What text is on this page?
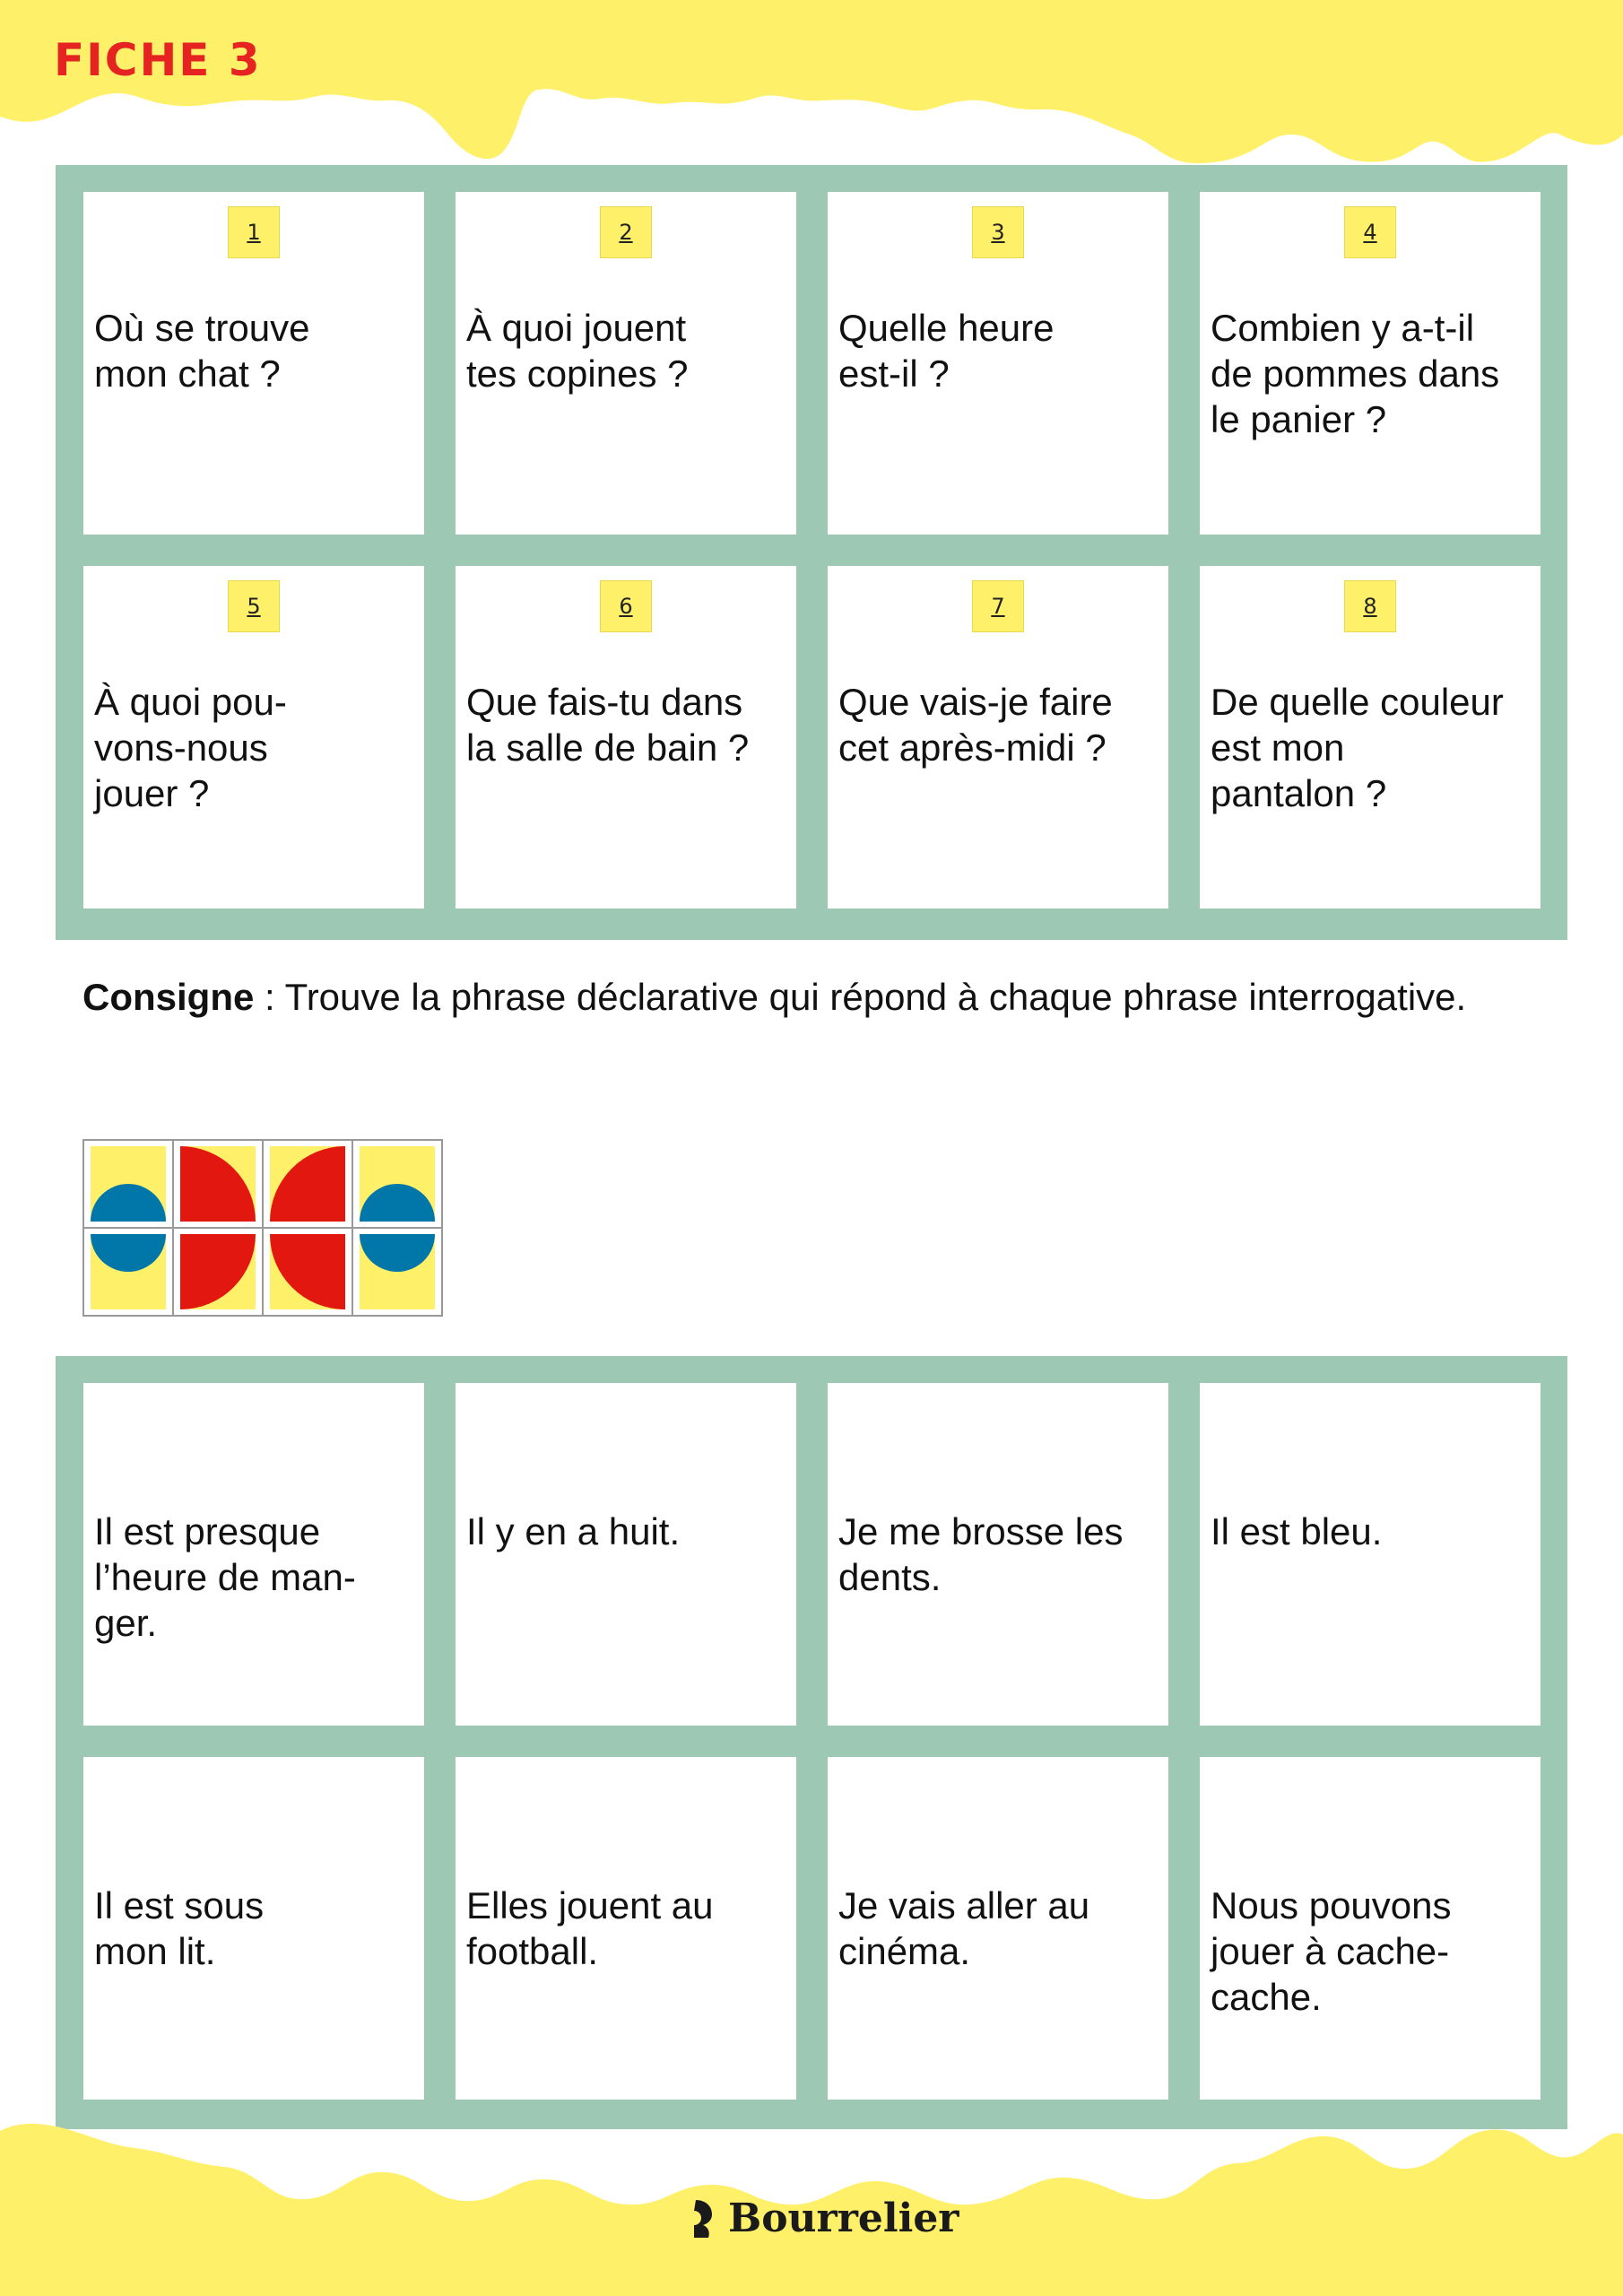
FICHE 3
1
Où se trouve
mon chat ?
2
À quoi jouent
tes copines ?
3
Quelle heure
est-il ?
4
Combien y a-t-il
de pommes dans
le panier ?
5
À quoi pou-
vons-nous
jouer ?
6
Que fais-tu dans
la salle de bain ?
7
Que vais-je faire
cet après-midi ?
8
De quelle couleur
est mon
pantalon ?
Consigne : Trouve la phrase déclarative qui répond à chaque phrase interrogative.
Il est presque
l’heure de man-
ger.
Il y en a huit.	Je me brosse les
dents.
Il est bleu.
Il est sous
mon lit.
Elles jouent au
football.
Je vais aller au
cinéma.
Nous pouvons
jouer à cache-
cache.
Bourrelier
